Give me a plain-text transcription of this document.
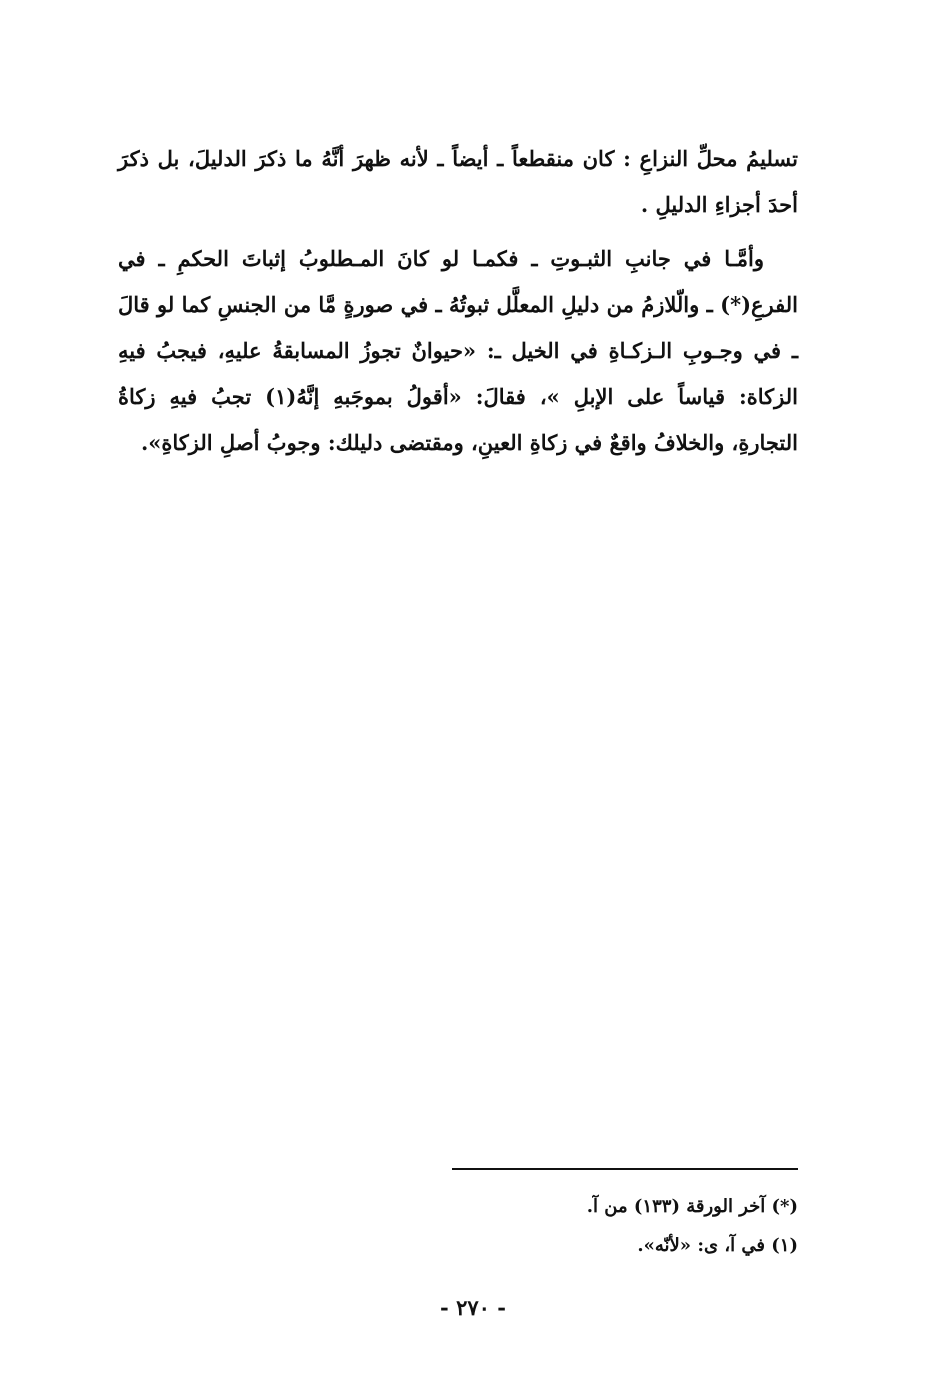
تسليمُ محلِّ النزاعِ : كان منقطعاً ـ أيضاً ـ لأنه ظهرَ أنَّهُ ما ذكرَ الدليلَ، بل ذكرَ أحدَ أجزاءِ الدليلِ .
وأمَّـا في جانبِ الثبـوتِ ـ فكمـا لو كانَ المـطلوبُ إثباتَ الحكمِ ـ في الفرعِ(*) ـ والّلازمُ من دليلِ المعلَّل ثبوتُهُ ـ في صورةٍ مَّا من الجنسِ كما لو قالَ ـ في وجـوبِ الـزكـاةِ في الخيل ـ: «حيوانٌ تجوزُ المسابقةُ عليهِ، فيجبُ فيهِ الزكاة: قياساً على الإبلِ »، فقالَ: «أقولُ بموجَبهِ إنَّهُ(١) تجبُ فيهِ زكاةُ التجارةِ، والخلافُ واقعٌ في زكاةِ العينِ، ومقتضى دليلك: وجوبُ أصلِ الزكاةِ».
(*) آخر الورقة (١٣٣) من آ.
(١) في آ، ى: «لأنّه».
- ٢٧٠ -
